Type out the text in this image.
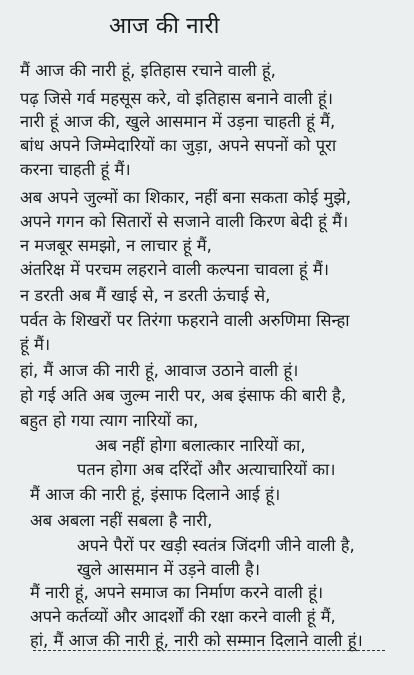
आज की नारी
मैं आज की नारी हूं, इतिहास रचाने वाली हूं,
पढ़ जिसे गर्व महसूस करे, वो इतिहास बनाने वाली हूं।
नारी हूं आज की, खुले आसमान में उड़ना चाहती हूं मैं,
बांध अपने जिम्मेदारियों का जुड़ा, अपने सपनों को पूरा
करना चाहती हूं मैं।
अब अपने जुल्मों का शिकार, नहीं बना सकता कोई मुझे,
अपने गगन को सितारों से सजाने वाली किरण बेदी हूं मैं।
न मजबूर समझो, न लाचार हूं मैं,
अंतरिक्ष में परचम लहराने वाली कल्पना चावला हूं मैं।
न डरती अब मैं खाई से, न डरती ऊंचाई से,
पर्वत के शिखरों पर तिरंगा फहराने वाली अरुणिमा सिन्हा
हूं मैं।
हां, मैं आज की नारी हूं, आवाज उठाने वाली हूं।
हो गई अति अब जुल्म नारी पर, अब इंसाफ की बारी है,
बहुत हो गया त्याग नारियों का,
अब नहीं होगा बलात्कार नारियों का,
पतन होगा अब दरिंदों और अत्याचारियों का।
मैं आज की नारी हूं, इंसाफ दिलाने आई हूं।
अब अबला नहीं सबला है नारी,
अपने पैरों पर खड़ी स्वतंत्र जिंदगी जीने वाली है,
खुले आसमान में उड़ने वाली है।
मैं नारी हूं, अपने समाज का निर्माण करने वाली हूं।
अपने कर्तव्यों और आदर्शों की रक्षा करने वाली हूं मैं,
हां, मैं आज की नारी हूं, नारी को सम्मान दिलाने वाली हूं।
